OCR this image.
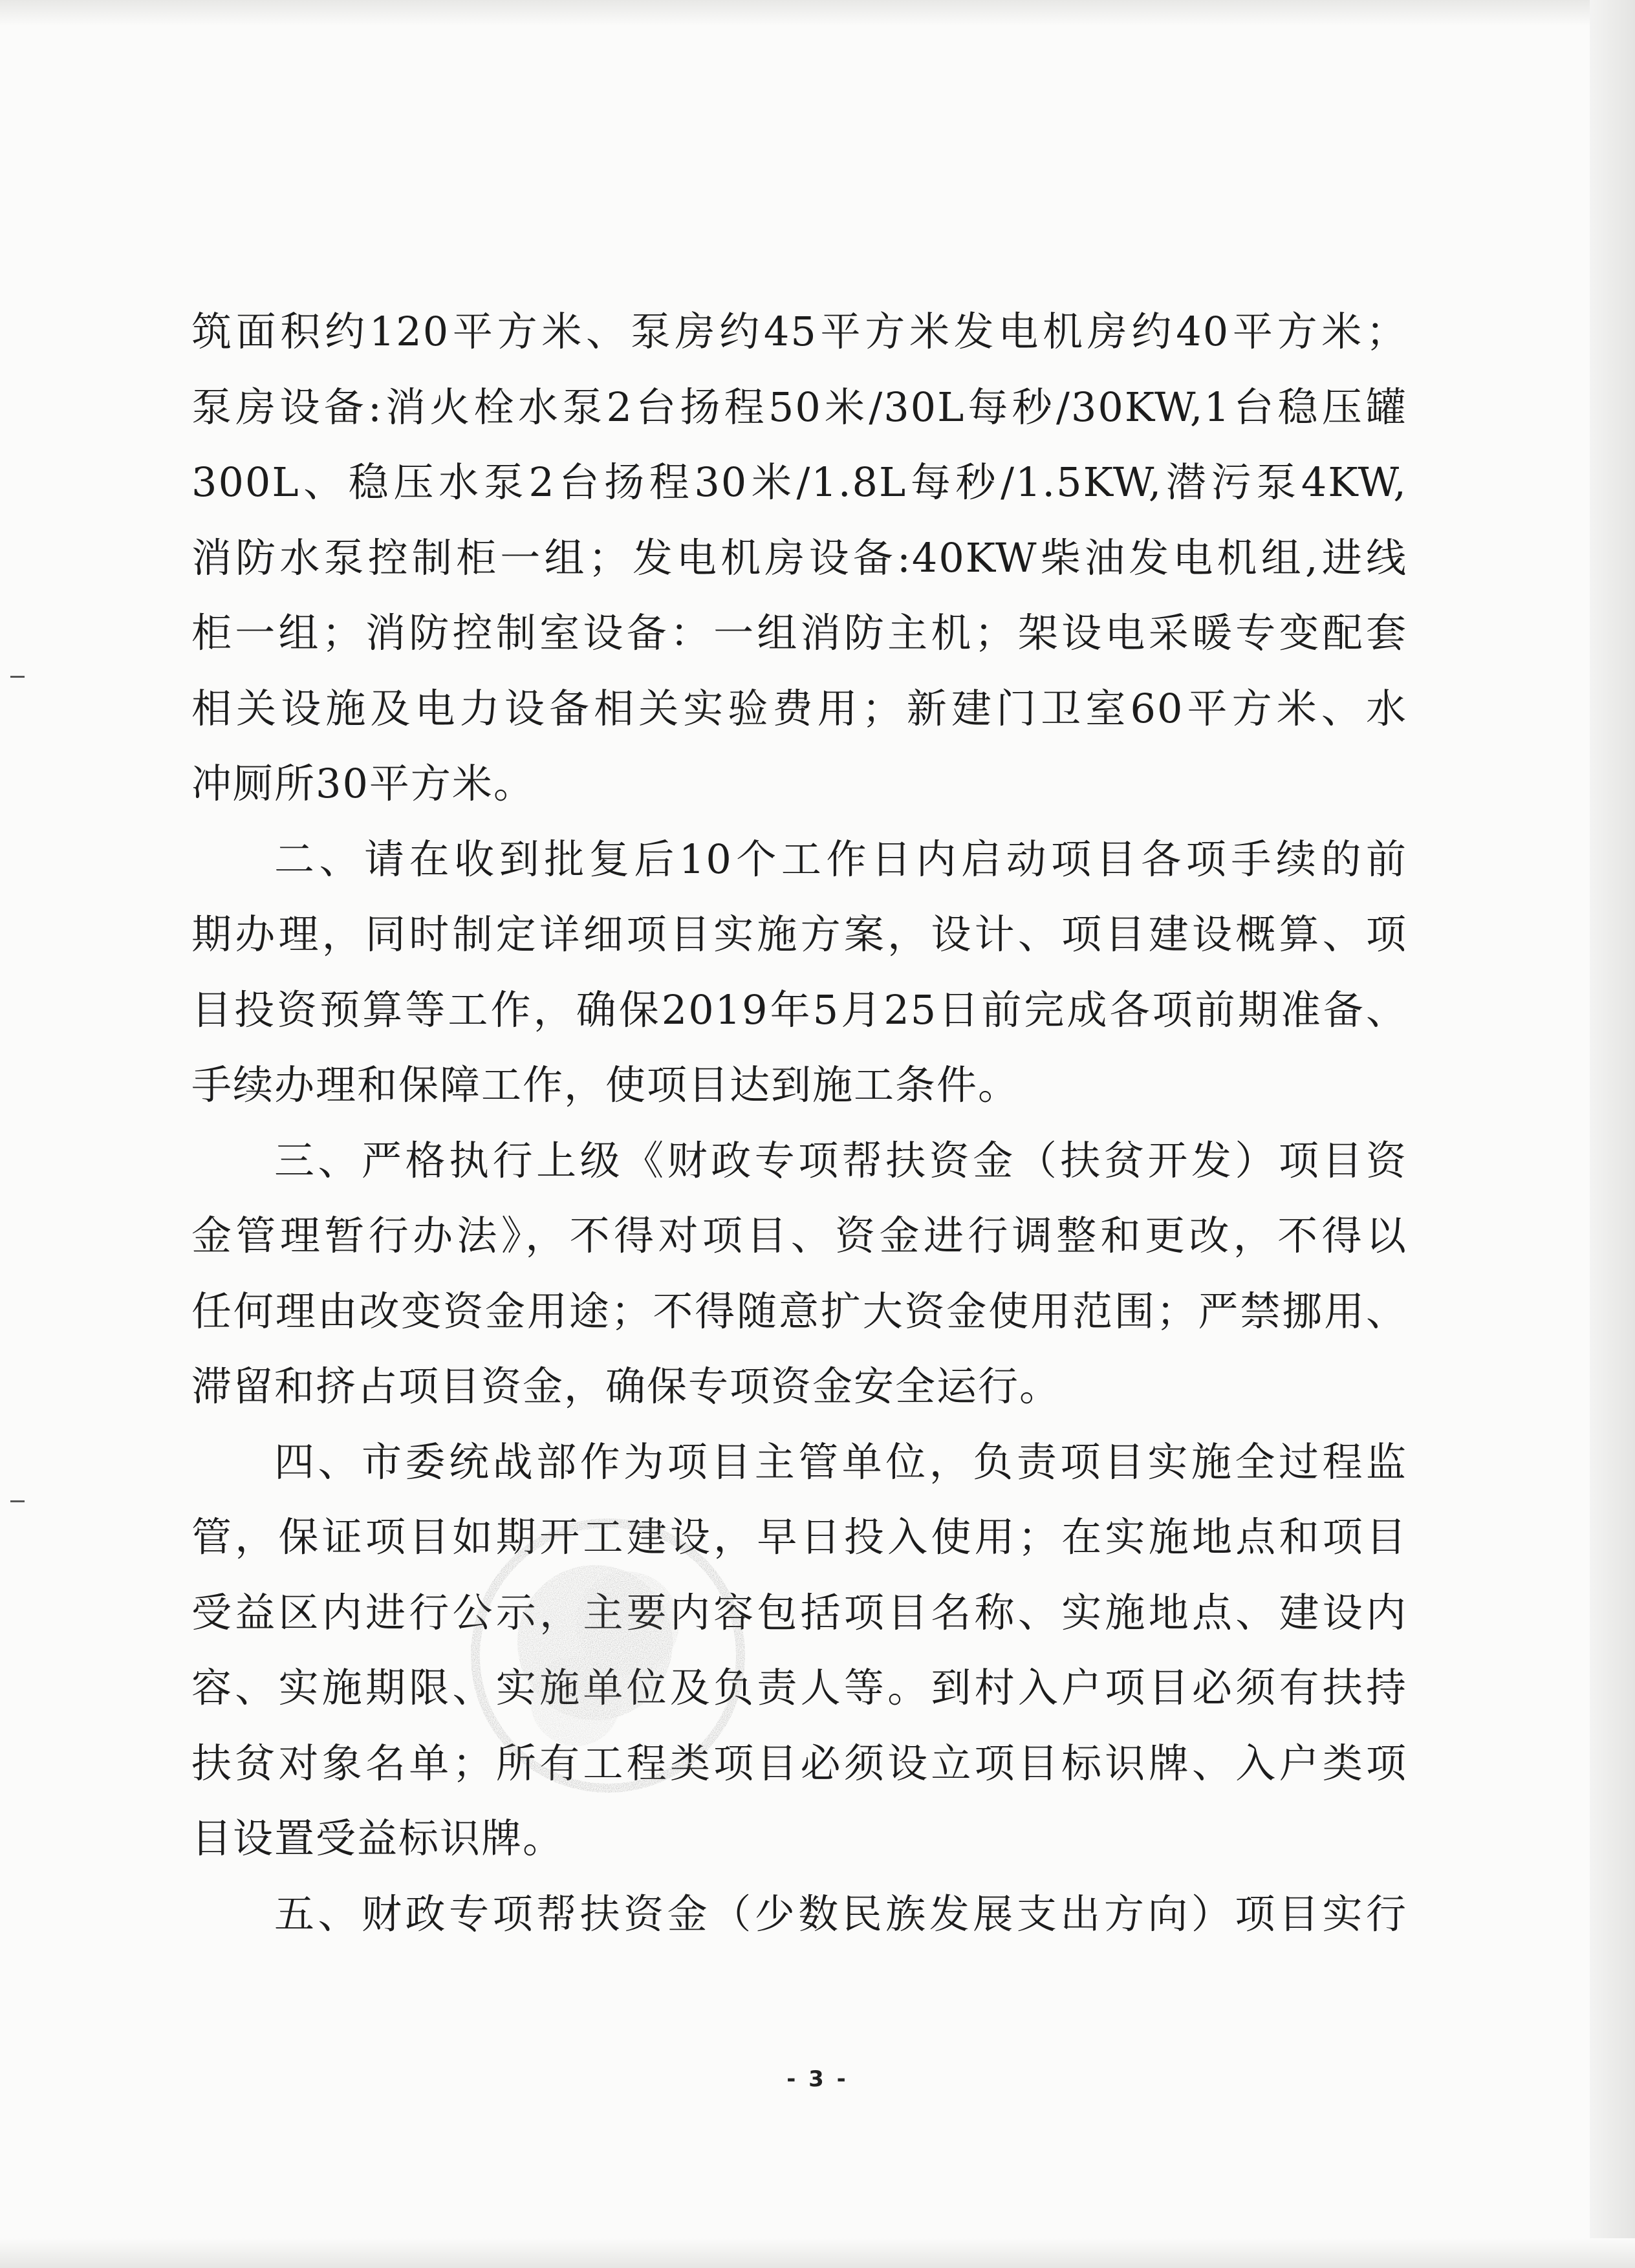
筑面积约120平方米、泵房约45平方米发电机房约40平方米；
泵房设备:消火栓水泵2台扬程50米/30L每秒/30KW,1台稳压罐
300L、稳压水泵2台扬程30米/1.8L每秒/1.5KW,潜污泵4KW,
消防水泵控制柜一组；发电机房设备:40KW柴油发电机组,进线
柜一组；消防控制室设备：一组消防主机；架设电采暖专变配套
相关设施及电力设备相关实验费用；新建门卫室60平方米、水
冲厕所30平方米。
二、请在收到批复后10个工作日内启动项目各项手续的前
期办理，同时制定详细项目实施方案，设计、项目建设概算、项
目投资预算等工作，确保2019年5月25日前完成各项前期准备、
手续办理和保障工作，使项目达到施工条件。
三、严格执行上级《财政专项帮扶资金（扶贫开发）项目资
金管理暂行办法》，不得对项目、资金进行调整和更改，不得以
任何理由改变资金用途；不得随意扩大资金使用范围；严禁挪用、
滞留和挤占项目资金，确保专项资金安全运行。
四、市委统战部作为项目主管单位，负责项目实施全过程监
管，保证项目如期开工建设，早日投入使用；在实施地点和项目
受益区内进行公示，主要内容包括项目名称、实施地点、建设内
容、实施期限、实施单位及负责人等。到村入户项目必须有扶持
扶贫对象名单；所有工程类项目必须设立项目标识牌、入户类项
目设置受益标识牌。
五、财政专项帮扶资金（少数民族发展支出方向）项目实行
- 3 -
